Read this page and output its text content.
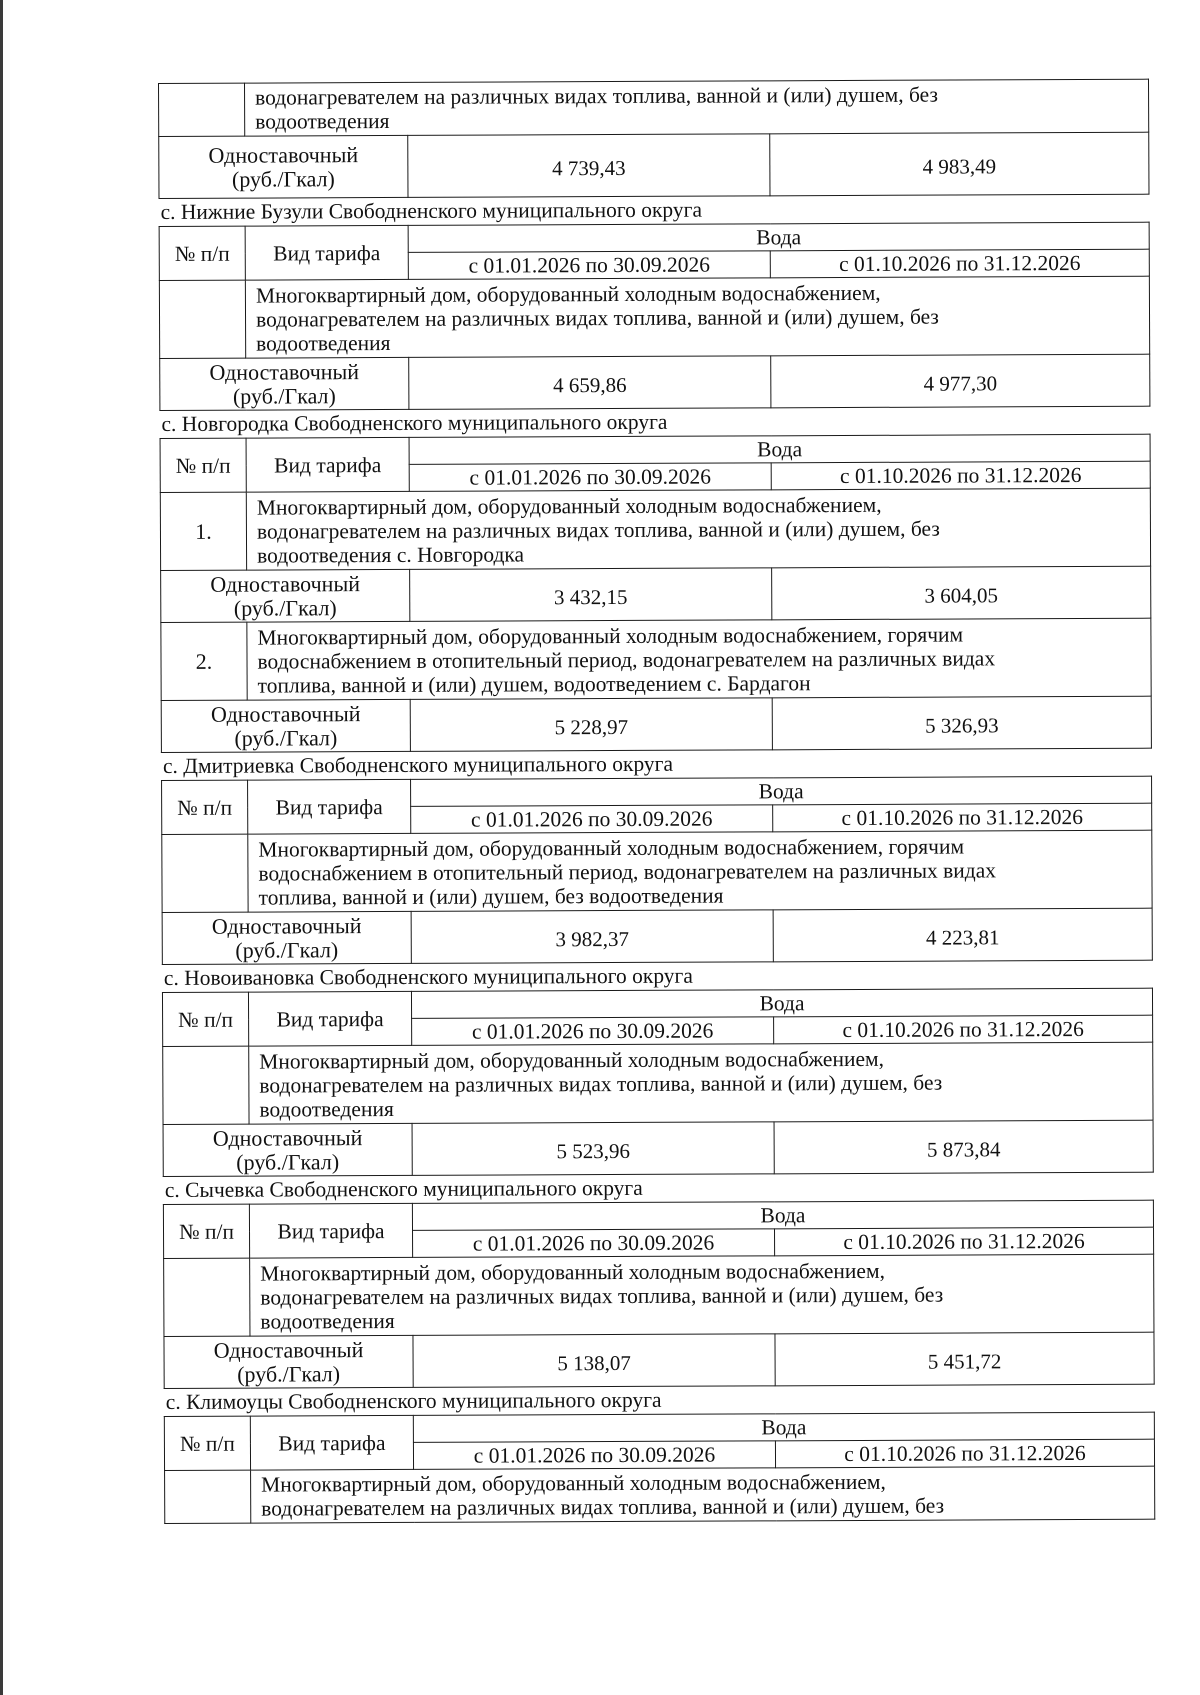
	водонагревателем на различных видах топлива, ванной и (или) душем, без
водоотведения		

Одноставочный
(руб./Гкал)		4 739,43	4 983,49
с. Нижние Бузули Свободненского муниципального округа
№ п/п	Вид тарифа	Вода	
		с 01.01.2026 по 30.09.2026	с 01.10.2026 по 31.12.2026

	Многоквартирный дом, оборудованный холодным водоснабжением,
водонагревателем на различных видах топлива, ванной и (или) душем, без
водоотведения		

Одноставочный
(руб./Гкал)		4 659,86	4 977,30
с. Новгородка Свободненского муниципального округа
№ п/п	Вид тарифа	Вода	
		с 01.01.2026 по 30.09.2026	с 01.10.2026 по 31.12.2026
1.	Многоквартирный дом, оборудованный холодным водоснабжением,
водонагревателем на различных видах топлива, ванной и (или) душем, без
водоотведения с. Новгородка		

Одноставочный
(руб./Гкал)		3 432,15	3 604,05
2.	Многоквартирный дом, оборудованный холодным водоснабжением, горячим
водоснабжением в отопительный период, водонагревателем на различных видах
топлива, ванной и (или) душем, водоотведением с. Бардагон		

Одноставочный
(руб./Гкал)		5 228,97	5 326,93
с. Дмитриевка Свободненского муниципального округа
№ п/п	Вид тарифа	Вода	
		с 01.01.2026 по 30.09.2026	с 01.10.2026 по 31.12.2026

	Многоквартирный дом, оборудованный холодным водоснабжением, горячим
водоснабжением в отопительный период, водонагревателем на различных видах
топлива, ванной и (или) душем, без водоотведения		

Одноставочный
(руб./Гкал)		3 982,37	4 223,81
с. Новоивановка Свободненского муниципального округа
№ п/п	Вид тарифа	Вода	
		с 01.01.2026 по 30.09.2026	с 01.10.2026 по 31.12.2026

	Многоквартирный дом, оборудованный холодным водоснабжением,
водонагревателем на различных видах топлива, ванной и (или) душем, без
водоотведения		

Одноставочный
(руб./Гкал)		5 523,96	5 873,84
с. Сычевка Свободненского муниципального округа
№ п/п	Вид тарифа	Вода	
		с 01.01.2026 по 30.09.2026	с 01.10.2026 по 31.12.2026

	Многоквартирный дом, оборудованный холодным водоснабжением,
водонагревателем на различных видах топлива, ванной и (или) душем, без
водоотведения		

Одноставочный
(руб./Гкал)		5 138,07	5 451,72
с. Климоуцы Свободненского муниципального округа
№ п/п	Вид тарифа	Вода	
		с 01.01.2026 по 30.09.2026	с 01.10.2026 по 31.12.2026

	Многоквартирный дом, оборудованный холодным водоснабжением,
водонагревателем на различных видах топлива, ванной и (или) душем, без		
